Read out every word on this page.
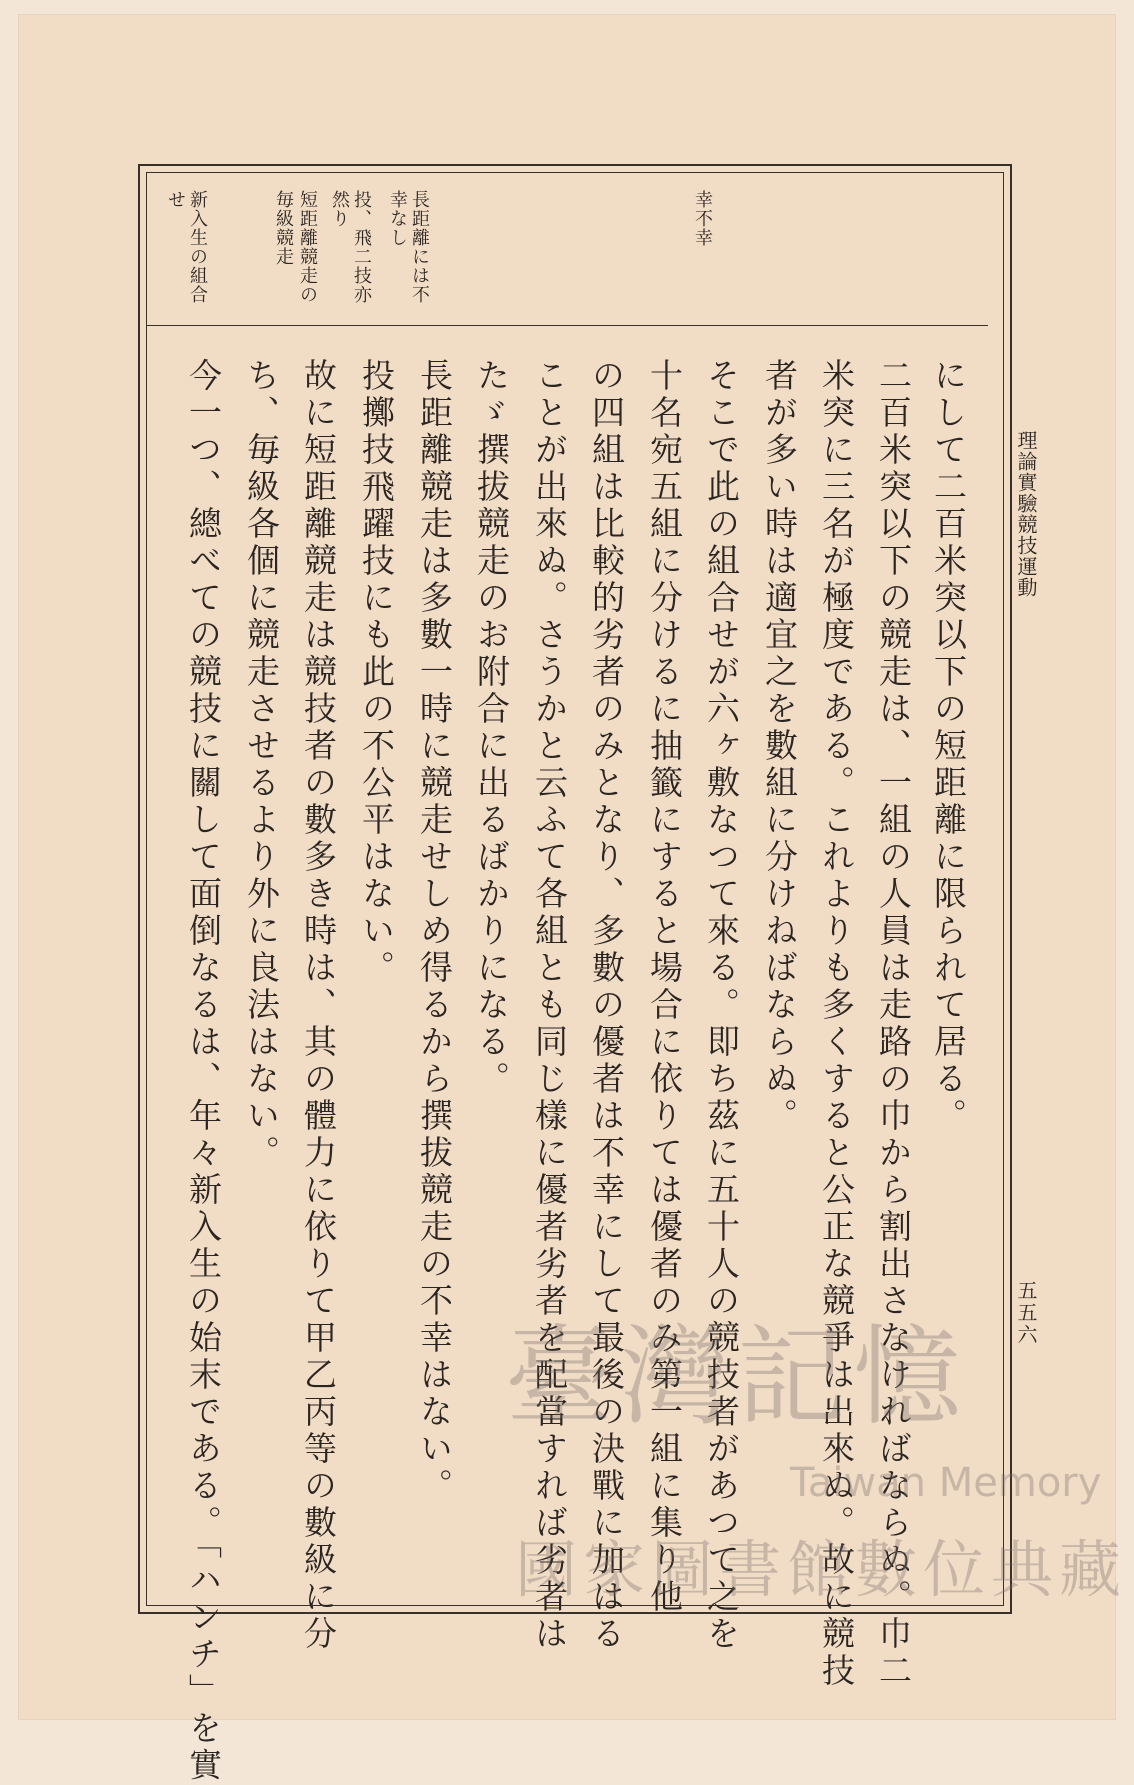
理論實驗競技運動
五五六
幸不幸
長距離には不
幸なし
投、飛二技亦
然り
短距離競走の
毎級競走
新入生の組合
せ
にして二百米突以下の短距離に限られて居る。
二百米突以下の競走は、一組の人員は走路の巾から割出さなければならぬ。巾二
米突に三名が極度である。これよりも多くすると公正な競爭は出來ぬ。故に競技
者が多い時は適宜之を數組に分けねばならぬ。
そこで此の組合せが六ヶ敷なつて來る。即ち茲に五十人の競技者があつて之を
十名宛五組に分けるに抽籤にすると場合に依りては優者のみ第一組に集り他
の四組は比較的劣者のみとなり、多數の優者は不幸にして最後の決戰に加はる
ことが出來ぬ。さうかと云ふて各組とも同じ樣に優者劣者を配當すれば劣者は
たゞ撰拔競走のお附合に出るばかりになる。
長距離競走は多數一時に競走せしめ得るから撰拔競走の不幸はない。
投擲技飛躍技にも此の不公平はない。
故に短距離競走は競技者の數多き時は、其の體力に依りて甲乙丙等の數級に分
ち、毎級各個に競走させるより外に良法はない。
今一つ、總べての競技に關して面倒なるは、年々新入生の始末である。「ハンチ」を實	臺灣記憶
Taiwan Memory
國家圖書館數位典藏
